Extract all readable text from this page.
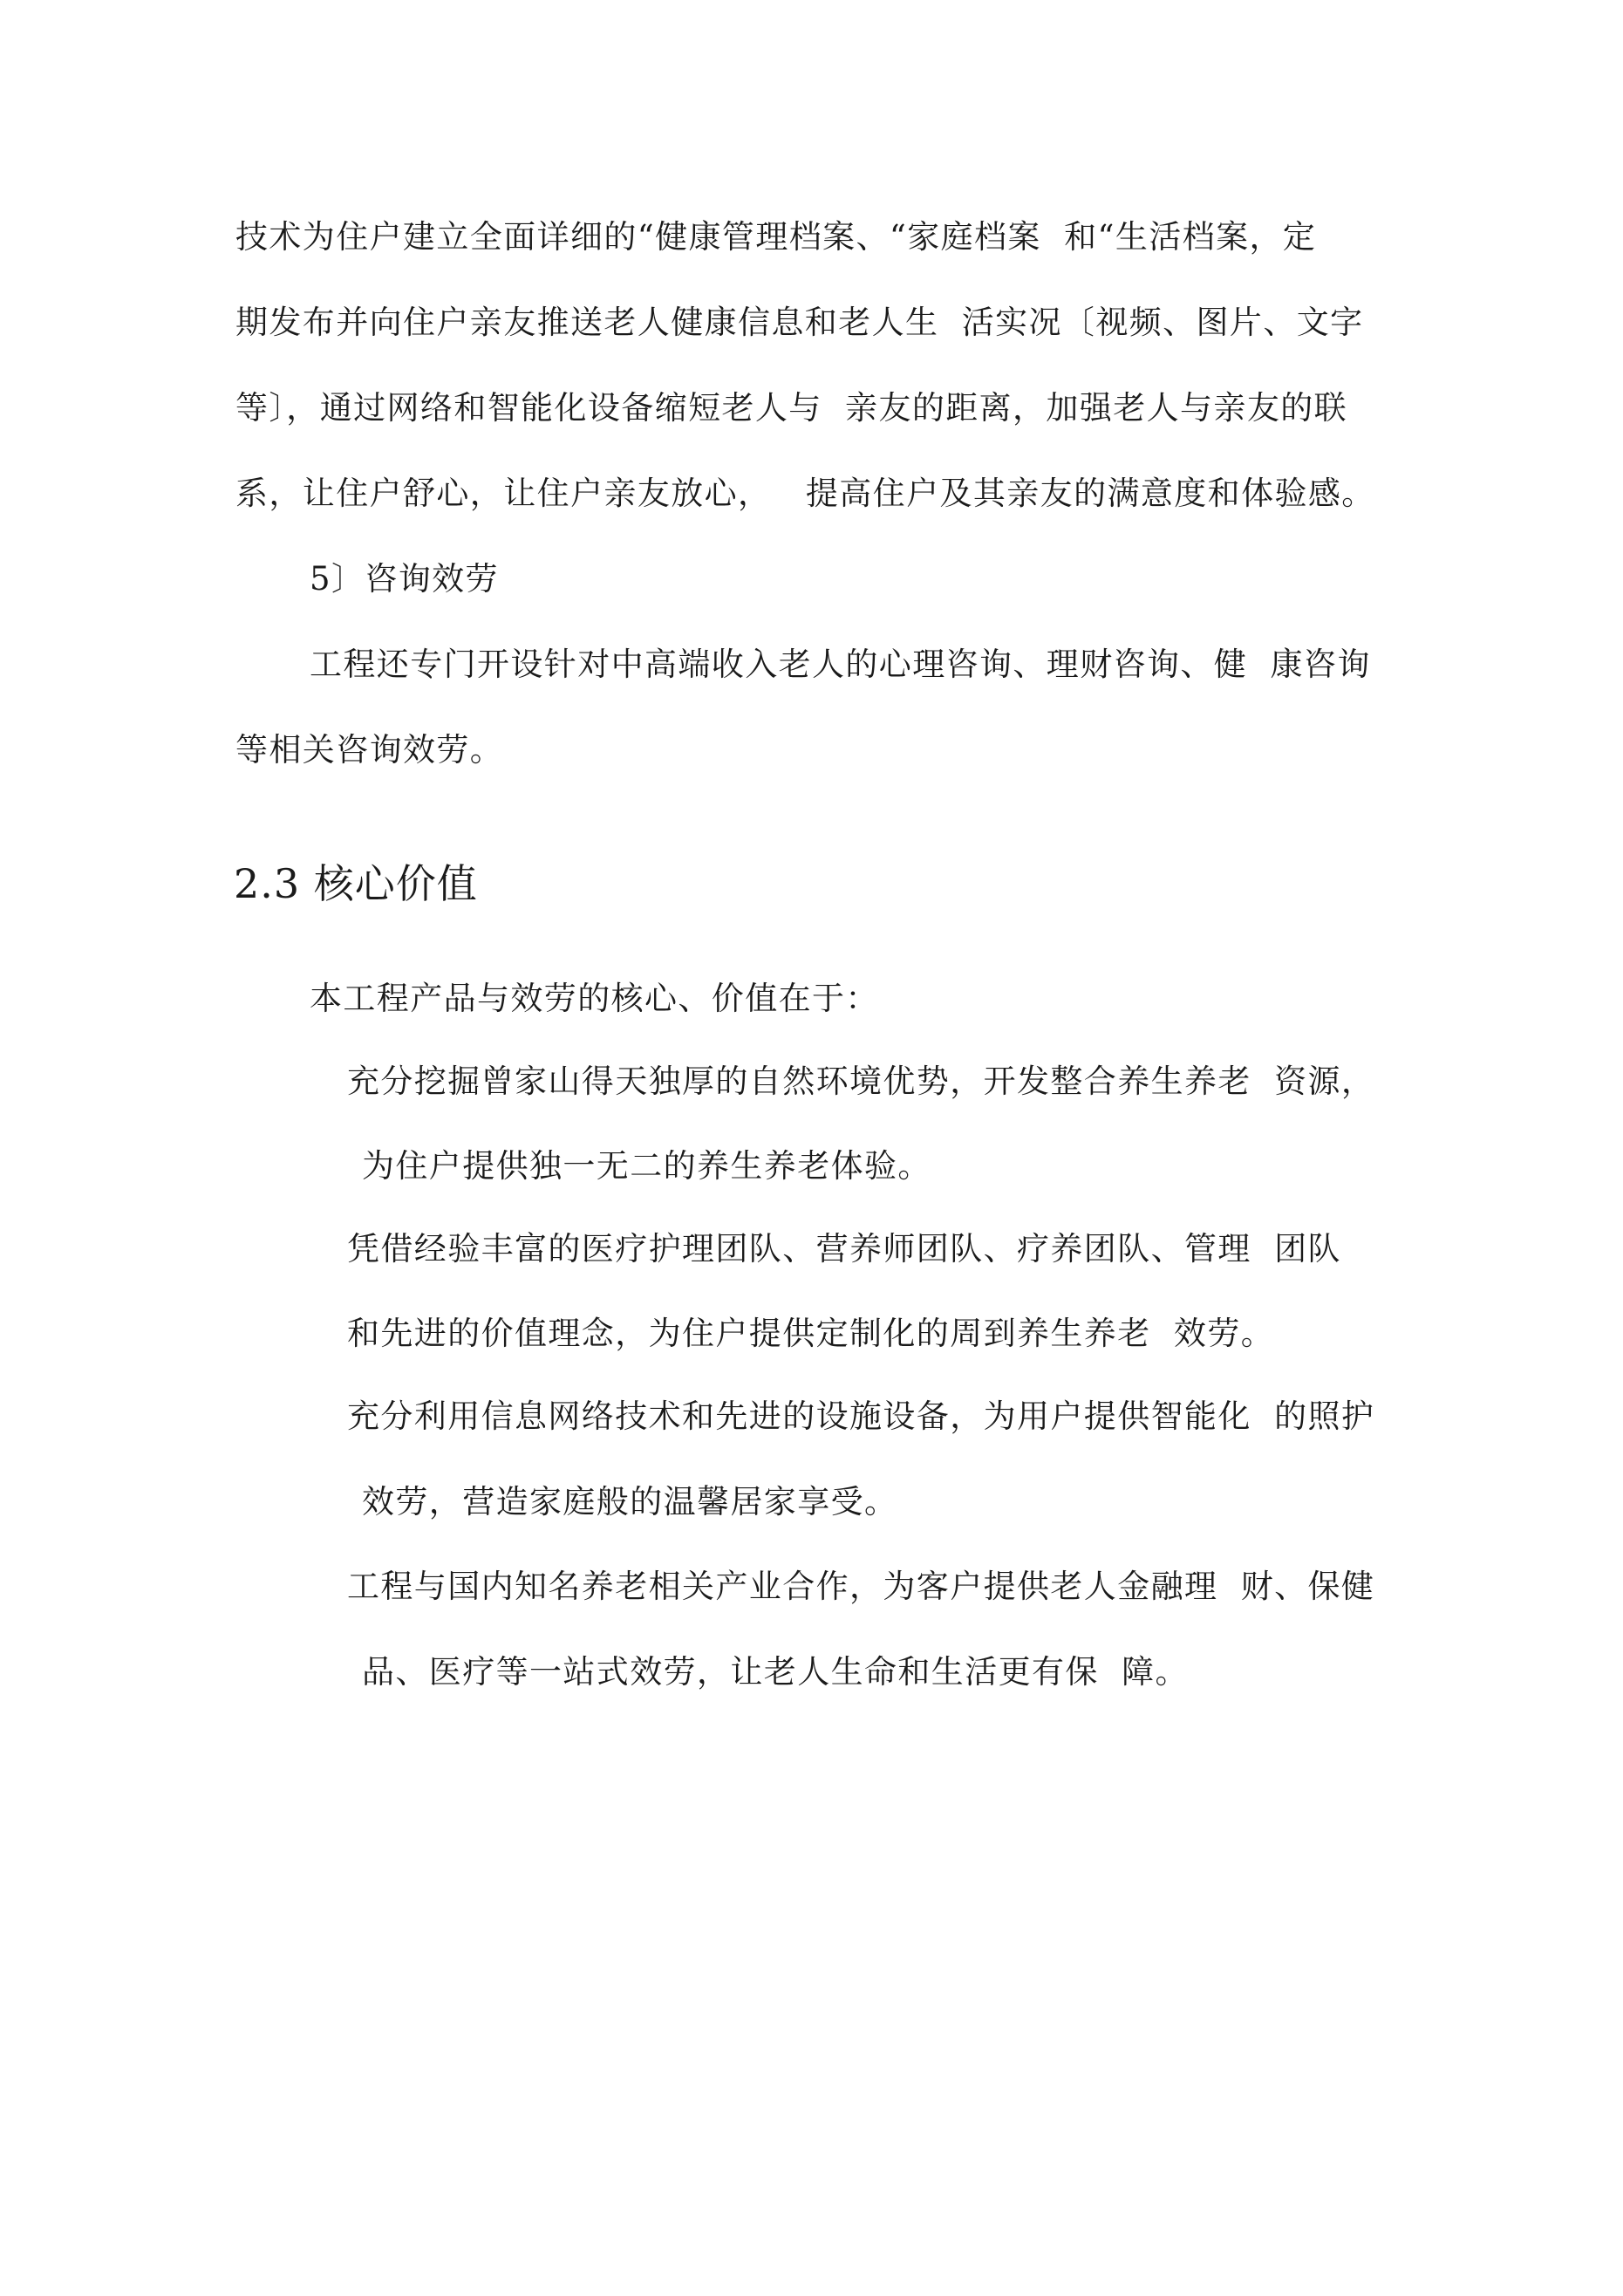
技术为住户建立全面详细的“健康管理档案、“家庭档案  和“生活档案，定
期发布并向住户亲友推送老人健康信息和老人生  活实况〔视频、图片、文字
等〕，通过网络和智能化设备缩短老人与  亲友的距离，加强老人与亲友的联
系，让住户舒心，让住户亲友放心，   提高住户及其亲友的满意度和体验感。
5〕咨询效劳
工程还专门开设针对中高端收入老人的心理咨询、理财咨询、健  康咨询
等相关咨询效劳。
2.3 核心价值
本工程产品与效劳的核心、价值在于：
充分挖掘曾家山得天独厚的自然环境优势，开发整合养生养老  资源，
为住户提供独一无二的养生养老体验。
凭借经验丰富的医疗护理团队、营养师团队、疗养团队、管理  团队
和先进的价值理念，为住户提供定制化的周到养生养老  效劳。
充分利用信息网络技术和先进的设施设备，为用户提供智能化  的照护
效劳，营造家庭般的温馨居家享受。
工程与国内知名养老相关产业合作，为客户提供老人金融理  财、保健
品、医疗等一站式效劳，让老人生命和生活更有保  障。
